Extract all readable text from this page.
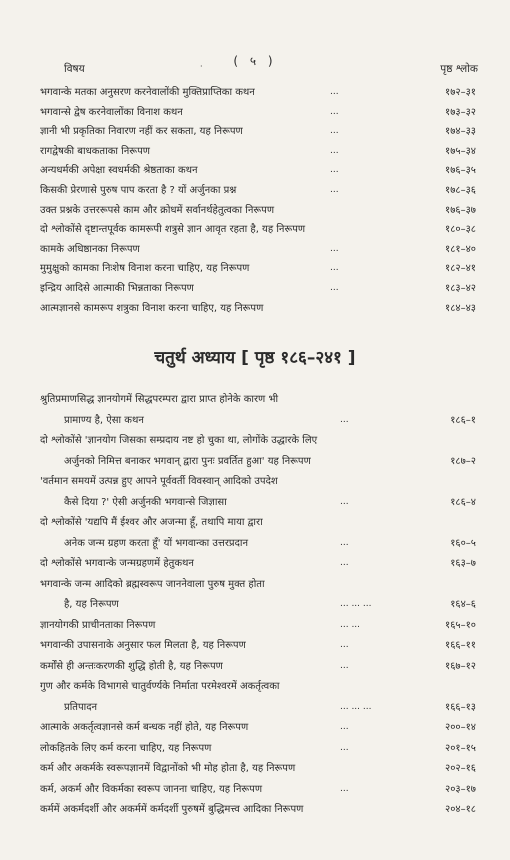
( ५ )
विषय	·	पृष्ठ श्लोक
भगवान्के मतका अनुसरण करनेवालोंकी मुक्तिप्राप्तिका कथन	...	१७२–३१
भगवान्से द्वेष करनेवालोंका विनाश कथन	...	१७३–३२
ज्ञानी भी प्रकृतिका निवारण नहीं कर सकता, यह निरूपण	...	१७४–३३
रागद्वेषकी बाधकताका निरूपण	...	१७५–३४
अन्यधर्मकी अपेक्षा स्वधर्मकी श्रेष्ठताका कथन	...	१७६–३५
किसकी प्रेरणासे पुरुष पाप करता है ? यों अर्जुनका प्रश्न	...	१७८–३६
उक्त प्रश्नके उत्तररूपसे काम और क्रोधमें सर्वानर्थहेतुत्वका निरूपण	१७६–३७
दो श्लोकोंसे दृष्टान्तपूर्वक कामरूपी शत्रुसे ज्ञान आवृत रहता है, यह निरूपण	१८०–३८
कामके अधिष्ठानका निरूपण	...	१८१–४०
मुमुक्षुको कामका निःशेष विनाश करना चाहिए, यह निरूपण	...	१८२–४१
इन्द्रिय आदिसे आत्माकी भिन्नताका निरूपण	...	१८३–४२
आत्मज्ञानसे कामरूप शत्रुका विनाश करना चाहिए, यह निरूपण	१८४–४३
चतुर्थ अध्याय [ पृष्ठ १८६–२४१ ]
श्रुतिप्रमाणसिद्ध ज्ञानयोगमें सिद्धपरम्परा द्वारा प्राप्त होनेके कारण भी
प्रामाण्य है, ऐसा कथन	...	१८६–१
दो श्लोकोंसे 'ज्ञानयोग जिसका सम्प्रदाय नष्ट हो चुका था, लोगोंके उद्धारके लिए
अर्जुनको निमित्त बनाकर भगवान् द्वारा पुनः प्रवर्तित हुआ' यह निरूपण	१८७–२
'वर्तमान समयमें उत्पन्न हुए आपने पूर्ववर्ती विवस्वान् आदिको उपदेश
कैसे दिया ?' ऐसी अर्जुनकी भगवान्से जिज्ञासा	...	१८६–४
दो श्लोकोंसे 'यद्यपि मैं ईश्वर और अजन्मा हूँ, तथापि माया द्वारा
अनेक जन्म ग्रहण करता हूँ' यों भगवान्का उत्तरप्रदान	...	१६०–५
दो श्लोकोंसे भगवान्के जन्मग्रहणमें हेतुकथन	...	१६३–७
भगवान्के जन्म आदिको ब्रह्मस्वरूप जाननेवाला पुरुष मुक्त होता
है, यह निरूपण	... ... ...	१६४–६
ज्ञानयोगकी प्राचीनताका निरूपण	... ...	१६५–१०
भगवान्की उपासनाके अनुसार फल मिलता है, यह निरूपण	...	१६६–११
कर्मोंसे ही अन्तःकरणकी शुद्धि होती है, यह निरूपण	...	१६७–१२
गुण और कर्मके विभागसे चातुर्वर्ण्यके निर्माता परमेश्वरमें अकर्तृत्वका
प्रतिपादन	... ... ...	१६६–१३
आत्माके अकर्तृत्वज्ञानसे कर्म बन्धक नहीं होते, यह निरूपण	...	२००–१४
लोकहितके लिए कर्म करना चाहिए, यह निरूपण	...	२०१–१५
कर्म और अकर्मके स्वरूपज्ञानमें विद्वानोंको भी मोह होता है, यह निरूपण	२०२–१६
कर्म, अकर्म और विकर्मका स्वरूप जानना चाहिए, यह निरूपण	...	२०३–१७
कर्ममें अकर्मदर्शी और अकर्ममें कर्मदर्शी पुरुषमें बुद्धिमत्त्व आदिका निरूपण	२०४–१८
